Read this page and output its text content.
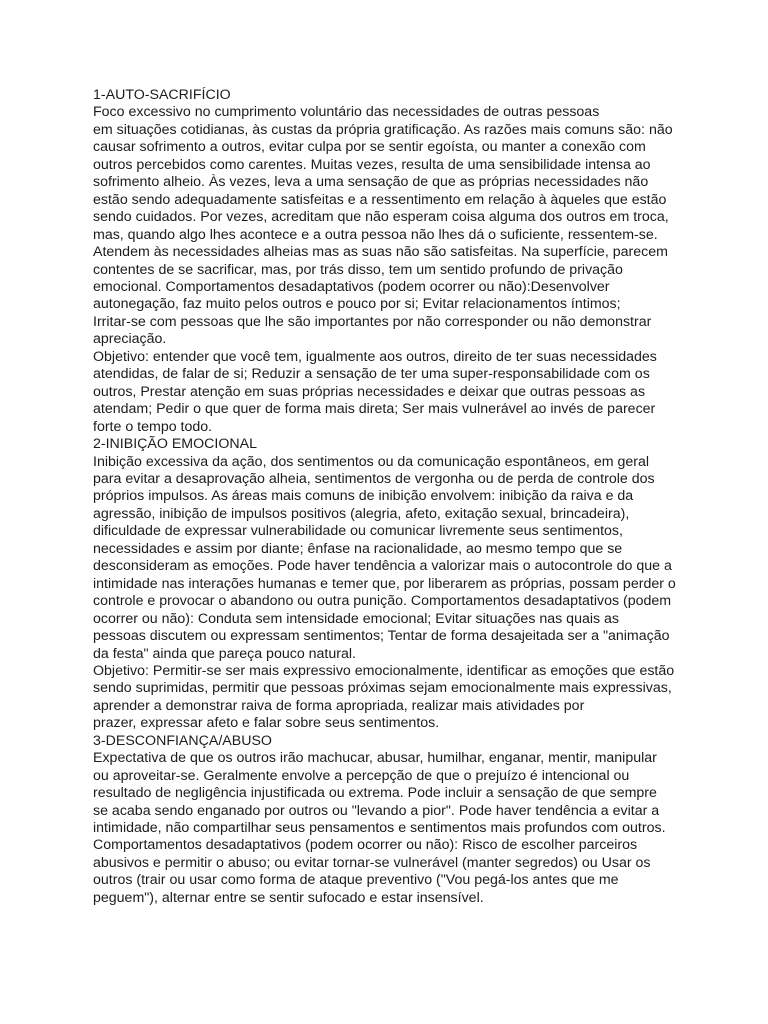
1-AUTO-SACRIFÍCIO

Foco excessivo no cumprimento voluntário das necessidades de outras pessoas

em situações cotidianas, às custas da própria gratificação. As razões mais comuns são: não

causar sofrimento a outros, evitar culpa por se sentir egoísta, ou manter a conexão com

outros percebidos como carentes. Muitas vezes, resulta de uma sensibilidade intensa ao

sofrimento alheio. Às vezes, leva a uma sensação de que as próprias necessidades não

estão sendo adequadamente satisfeitas e a ressentimento em relação à àqueles que estão

sendo cuidados. Por vezes, acreditam que não esperam coisa alguma dos outros em troca,

mas, quando algo lhes acontece e a outra pessoa não lhes dá o suficiente, ressentem-se.

Atendem às necessidades alheias mas as suas não são satisfeitas. Na superfície, parecem

contentes de se sacrificar, mas, por trás disso, tem um sentido profundo de privação

emocional. Comportamentos desadaptativos (podem ocorrer ou não):Desenvolver

autonegação, faz muito pelos outros e pouco por si; Evitar relacionamentos íntimos;

Irritar-se com pessoas que lhe são importantes por não corresponder ou não demonstrar

apreciação.

Objetivo: entender que você tem, igualmente aos outros, direito de ter suas necessidades

atendidas, de falar de si; Reduzir a sensação de ter uma super-responsabilidade com os

outros, Prestar atenção em suas próprias necessidades e deixar que outras pessoas as

atendam; Pedir o que quer de forma mais direta; Ser mais vulnerável ao invés de parecer

forte o tempo todo.

2-INIBIÇÃO EMOCIONAL

Inibição excessiva da ação, dos sentimentos ou da comunicação espontâneos, em geral

para evitar a desaprovação alheia, sentimentos de vergonha ou de perda de controle dos

próprios impulsos. As áreas mais comuns de inibição envolvem: inibição da raiva e da

agressão, inibição de impulsos positivos (alegria, afeto, exitação sexual, brincadeira),

dificuldade de expressar vulnerabilidade ou comunicar livremente seus sentimentos,

necessidades e assim por diante; ênfase na racionalidade, ao mesmo tempo que se

desconsideram as emoções. Pode haver tendência a valorizar mais o autocontrole do que a

intimidade nas interações humanas e temer que, por liberarem as próprias, possam perder o

controle e provocar o abandono ou outra punição. Comportamentos desadaptativos (podem

ocorrer ou não): Conduta sem intensidade emocional; Evitar situações nas quais as

pessoas discutem ou expressam sentimentos; Tentar de forma desajeitada ser a "animação

da festa" ainda que pareça pouco natural.

Objetivo: Permitir-se ser mais expressivo emocionalmente, identificar as emoções que estão

sendo suprimidas, permitir que pessoas próximas sejam emocionalmente mais expressivas,

aprender a demonstrar raiva de forma apropriada, realizar mais atividades por

prazer, expressar afeto e falar sobre seus sentimentos.

3-DESCONFIANÇA/ABUSO

Expectativa de que os outros irão machucar, abusar, humilhar, enganar, mentir, manipular

ou aproveitar-se. Geralmente envolve a percepção de que o prejuízo é intencional ou

resultado de negligência injustificada ou extrema. Pode incluir a sensação de que sempre

se acaba sendo enganado por outros ou "levando a pior". Pode haver tendência a evitar a

intimidade, não compartilhar seus pensamentos e sentimentos mais profundos com outros.

Comportamentos desadaptativos (podem ocorrer ou não): Risco de escolher parceiros

abusivos e permitir o abuso; ou evitar tornar-se vulnerável (manter segredos) ou Usar os

outros (trair ou usar como forma de ataque preventivo ("Vou pegá-los antes que me

peguem"), alternar entre se sentir sufocado e estar insensível.
